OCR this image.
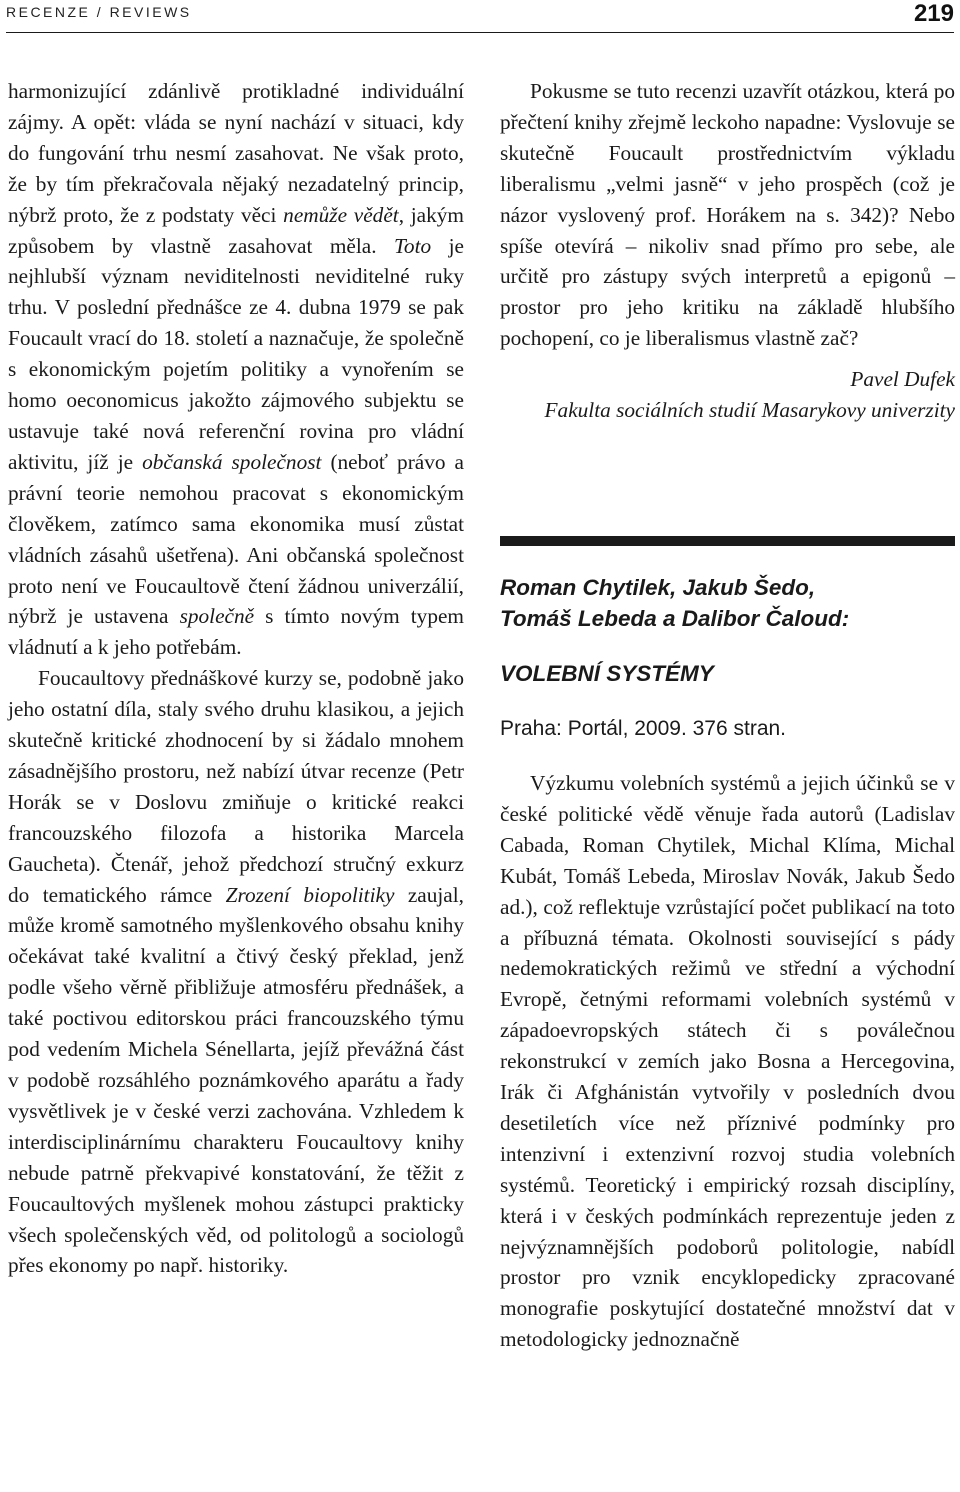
RECENZE / REVIEWS	219

harmonizující zdánlivě protikladné individuální zájmy. A opět: vláda se nyní nachází v situaci, kdy do fungování trhu nesmí zasahovat. Ne však proto, že by tím překračovala nějaký nezadatelný princip, nýbrž proto, že z podstaty věci nemůže vědět, jakým způsobem by vlastně zasahovat měla. Toto je nejhlubší význam neviditelnosti neviditelné ruky trhu. V poslední přednášce ze 4. dubna 1979 se pak Foucault vrací do 18. století a naznačuje, že společně s ekonomickým pojetím politiky a vynořením se homo oeconomicus jakožto zájmového subjektu se ustavuje také nová referenční rovina pro vládní aktivitu, jíž je občanská společnost (neboť právo a právní teorie nemohou pracovat s ekonomickým člověkem, zatímco sama ekonomika musí zůstat vládních zásahů ušetřena). Ani občanská společnost proto není ve Foucaultově čtení žádnou univerzálií, nýbrž je ustavena společně s tímto novým typem vládnutí a k jeho potřebám.

Foucaultovy přednáškové kurzy se, podobně jako jeho ostatní díla, staly svého druhu klasikou, a jejich skutečně kritické zhodnocení by si žádalo mnohem zásadnějšího prostoru, než nabízí útvar recenze (Petr Horák se v Doslovu zmiňuje o kritické reakci francouzského filozofa a historika Marcela Gaucheta). Čtenář, jehož předchozí stručný exkurz do tematického rámce Zrození biopolitiky zaujal, může kromě samotného myšlenkového obsahu knihy očekávat také kvalitní a čtivý český překlad, jenž podle všeho věrně přibližuje atmosféru přednášek, a také poctivou editorskou práci francouzského týmu pod vedením Michela Sénellarta, jejíž převážná část v podobě rozsáhlého poznámkového aparátu a řady vysvětlivek je v české verzi zachována. Vzhledem k interdisciplinárnímu charakteru Foucaultovy knihy nebude patrně překvapivé konstatování, že těžit z Foucaultových myšlenek mohou zástupci prakticky všech společenských věd, od politologů a sociologů přes ekonomy po např. historiky.

Pokusme se tuto recenzi uzavřít otázkou, která po přečtení knihy zřejmě leckoho napadne: Vyslovuje se skutečně Foucault prostřednictvím výkladu liberalismu „velmi jasně“ v jeho prospěch (což je názor vyslovený prof. Horákem na s. 342)? Nebo spíše otevírá – nikoliv snad přímo pro sebe, ale určitě pro zástupy svých interpretů a epigonů – prostor pro jeho kritiku na základě hlubšího pochopení, co je liberalismus vlastně zač?

Pavel Dufek

Fakulta sociálních studií Masarykovy univerzity

Roman Chytilek, Jakub Šedo,
Tomáš Lebeda a Dalibor Čaloud:

VOLEBNÍ SYSTÉMY

Praha: Portál, 2009. 376 stran.

Výzkumu volebních systémů a jejich účinků se v české politické vědě věnuje řada autorů (Ladislav Cabada, Roman Chytilek, Michal Klíma, Michal Kubát, Tomáš Lebeda, Miroslav Novák, Jakub Šedo ad.), což reflektuje vzrůstající počet publikací na toto a příbuzná témata. Okolnosti související s pády nedemokratických režimů ve střední a východní Evropě, četnými reformami volebních systémů v západoevropských státech či s poválečnou rekonstrukcí v zemích jako Bosna a Hercegovina, Irák či Afghánistán vytvořily v posledních dvou desetiletích více než příznivé podmínky pro intenzivní i extenzivní rozvoj studia volebních systémů. Teoretický i empirický rozsah disciplíny, která i v českých podmínkách reprezentuje jeden z nejvýznamnějších podoborů politologie, nabídl prostor pro vznik encyklopedicky zpracované monografie poskytující dostatečné množství dat v metodologicky jednoznačně
